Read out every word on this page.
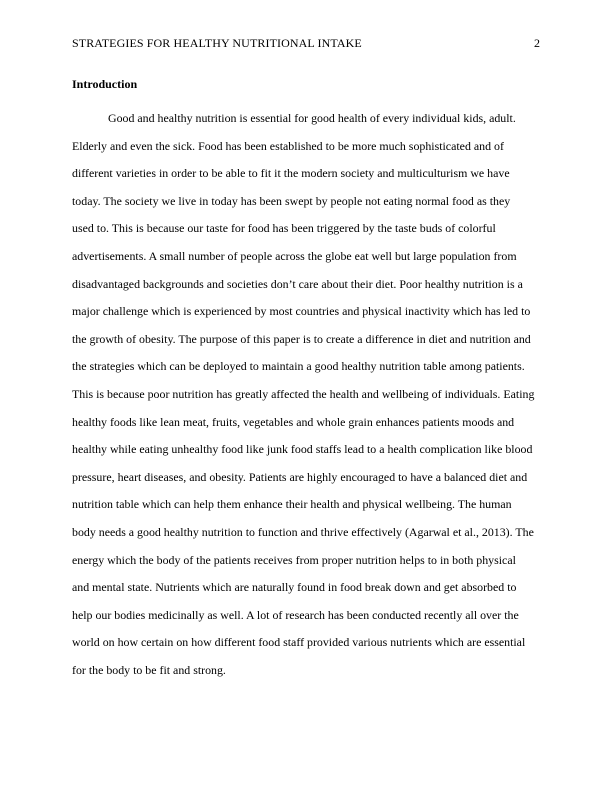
STRATEGIES FOR HEALTHY NUTRITIONAL INTAKE	2
Introduction
Good and healthy nutrition is essential for good health of every individual kids, adult.
Elderly and even the sick. Food has been established to be more much sophisticated and of
different varieties in order to be able to fit it the modern society and multiculturism we have
today. The society we live in today has been swept by people not eating normal food as they
used to. This is because our taste for food has been triggered by the taste buds of colorful
advertisements. A small number of people across the globe eat well but large population from
disadvantaged backgrounds and societies don’t care about their diet. Poor healthy nutrition is a
major challenge which is experienced by most countries and physical inactivity which has led to
the growth of obesity. The purpose of this paper is to create a difference in diet and nutrition and
the strategies which can be deployed to maintain a good healthy nutrition table among patients.
This is because poor nutrition has greatly affected the health and wellbeing of individuals. Eating
healthy foods like lean meat, fruits, vegetables and whole grain enhances patients moods and
healthy while eating unhealthy food like junk food staffs lead to a health complication like blood
pressure, heart diseases, and obesity. Patients are highly encouraged to have a balanced diet and
nutrition table which can help them enhance their health and physical wellbeing. The human
body needs a good healthy nutrition to function and thrive effectively (Agarwal et al., 2013). The
energy which the body of the patients receives from proper nutrition helps to in both physical
and mental state. Nutrients which are naturally found in food break down and get absorbed to
help our bodies medicinally as well. A lot of research has been conducted recently all over the
world on how certain on how different food staff provided various nutrients which are essential
for the body to be fit and strong.
